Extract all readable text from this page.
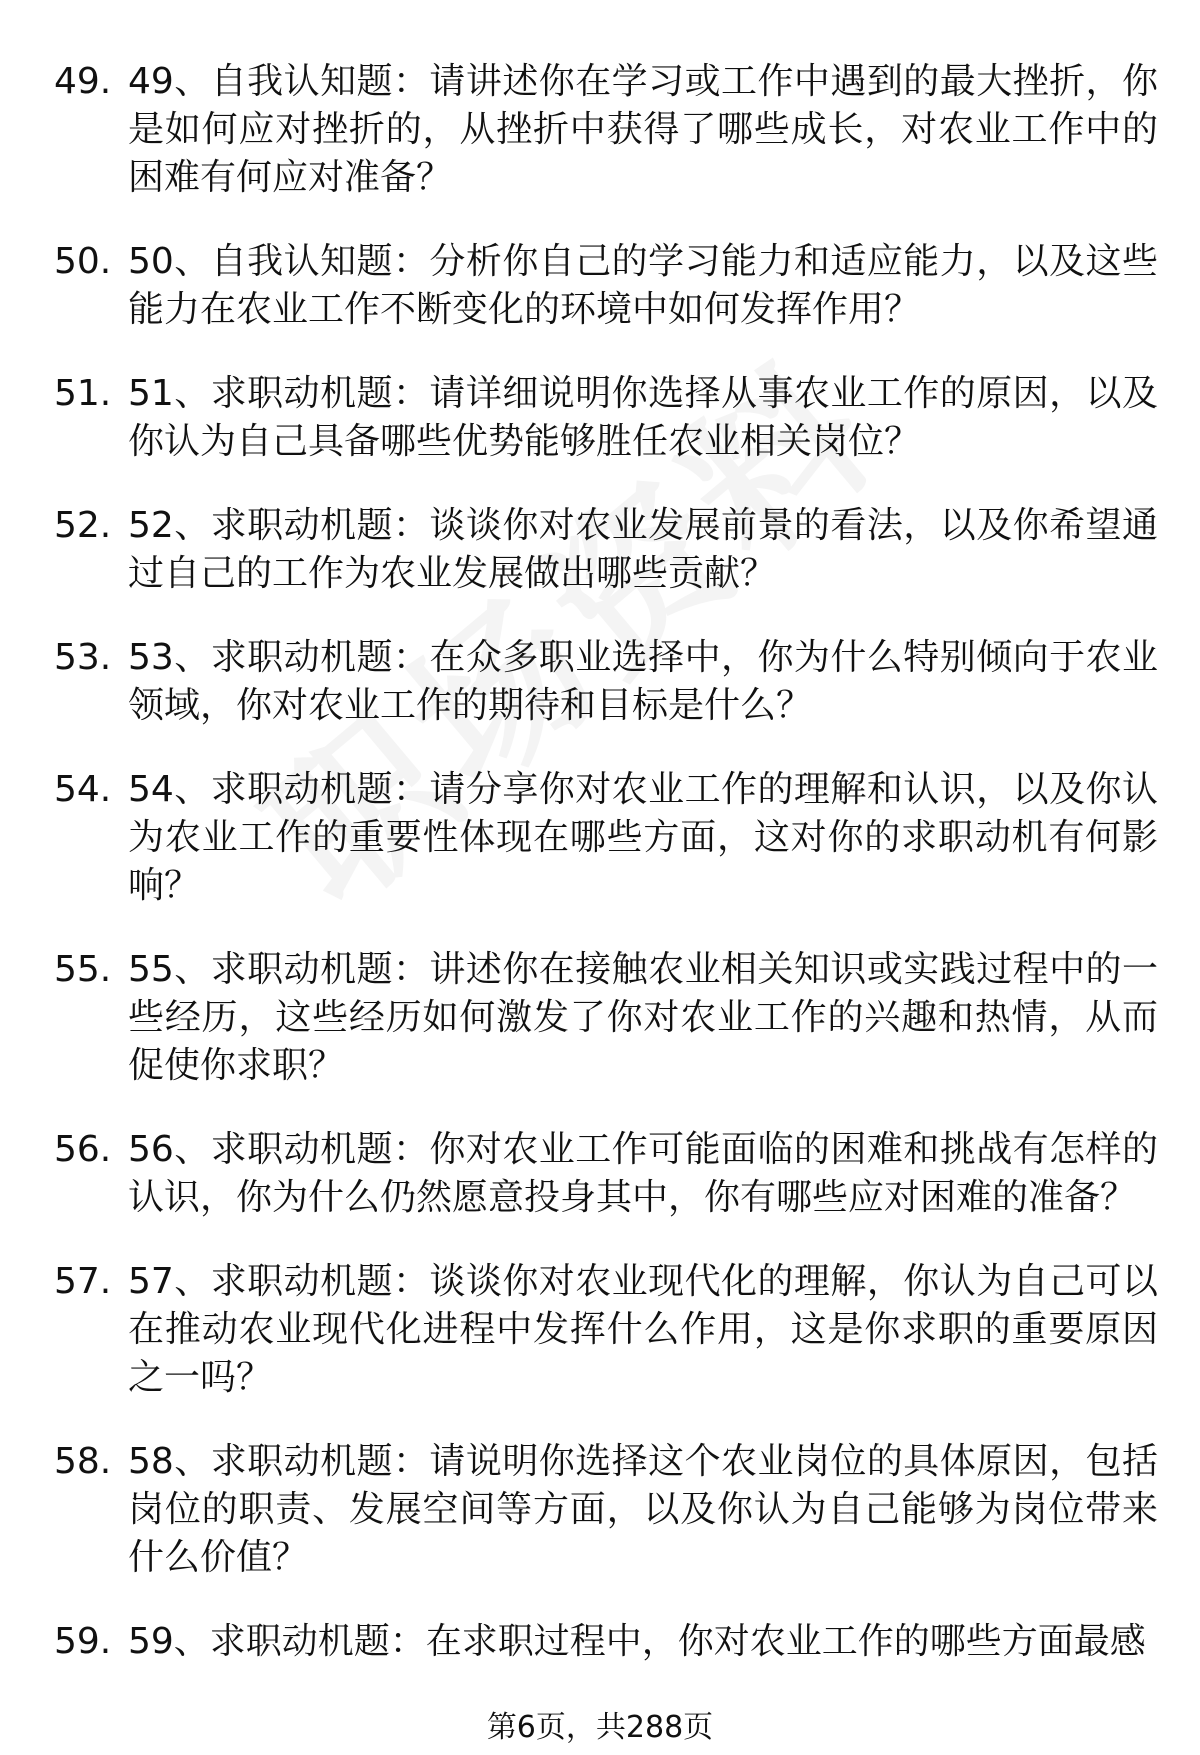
49. 49、自我认知题：请讲述你在学习或工作中遇到的最大挫折，你是如何应对挫折的，从挫折中获得了哪些成长，对农业工作中的困难有何应对准备？
50. 50、自我认知题：分析你自己的学习能力和适应能力，以及这些能力在农业工作不断变化的环境中如何发挥作用？
51. 51、求职动机题：请详细说明你选择从事农业工作的原因，以及你认为自己具备哪些优势能够胜任农业相关岗位？
52. 52、求职动机题：谈谈你对农业发展前景的看法，以及你希望通过自己的工作为农业发展做出哪些贡献？
53. 53、求职动机题：在众多职业选择中，你为什么特别倾向于农业领域，你对农业工作的期待和目标是什么？
54. 54、求职动机题：请分享你对农业工作的理解和认识，以及你认为农业工作的重要性体现在哪些方面，这对你的求职动机有何影响？
55. 55、求职动机题：讲述你在接触农业相关知识或实践过程中的一些经历，这些经历如何激发了你对农业工作的兴趣和热情，从而促使你求职？
56. 56、求职动机题：你对农业工作可能面临的困难和挑战有怎样的认识，你为什么仍然愿意投身其中，你有哪些应对困难的准备？
57. 57、求职动机题：谈谈你对农业现代化的理解，你认为自己可以在推动农业现代化进程中发挥什么作用，这是你求职的重要原因之一吗？
58. 58、求职动机题：请说明你选择这个农业岗位的具体原因，包括岗位的职责、发展空间等方面，以及你认为自己能够为岗位带来什么价值？
59. 59、求职动机题：在求职过程中，你对农业工作的哪些方面最感
第6页，共288页
